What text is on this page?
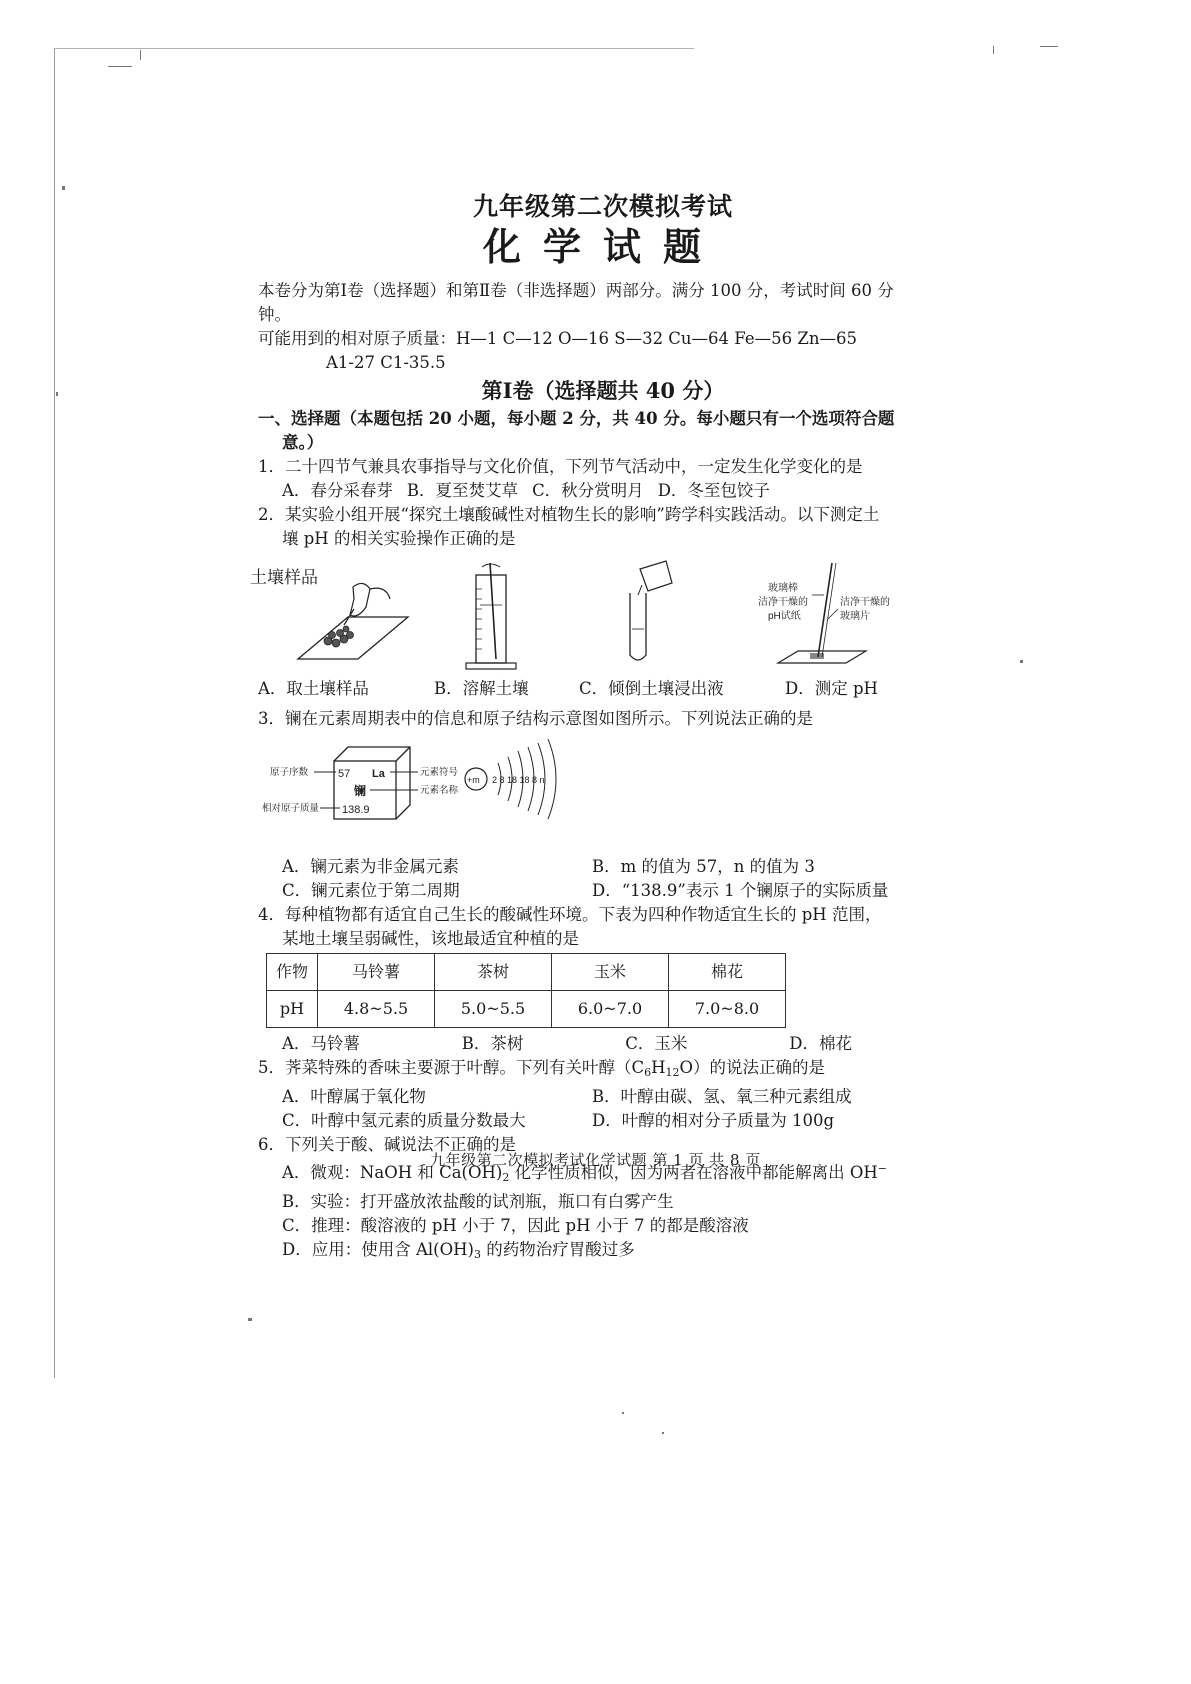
九年级第二次模拟考试
化学试题

本卷分为第Ⅰ卷（选择题）和第Ⅱ卷（非选择题）两部分。满分 100 分，考试时间 60 分

钟。

可能用到的相对原子质量：H—1 C—12 O—16 S—32 Cu—64 Fe—56 Zn—65

A1-27 C1-35.5

第Ⅰ卷（选择题共 40 分）

一、选择题（本题包括 20 小题，每小题 2 分，共 40 分。每小题只有一个选项符合题

意。）

1．二十四节气兼具农事指导与文化价值，下列节气活动中，一定发生化学变化的是

A．春分采春芽 B．夏至焚艾草 C．秋分赏明月 D．冬至包饺子

2．某实验小组开展“探究土壤酸碱性对植物生长的影响”跨学科实践活动。以下测定土

壤 pH 的相关实验操作正确的是

土壤样品
玻璃棒
洁净干燥的
pH试纸
洁净干燥的
玻璃片
A．取土壤样品	B．溶解土壤	C．倾倒土壤浸出液	D．测定 pH

3．镧在元素周期表中的信息和原子结构示意图如图所示。下列说法正确的是

57 La
镧
138.9
原子序数	元素符号
元素名称
相对原子质量
+m 2 8 18 18 8 n
A．镧元素为非金属元素	B．m 的值为 57，n 的值为 3
C．镧元素位于第二周期	D．“138.9”表示 1 个镧原子的实际质量

4．每种植物都有适宜自己生长的酸碱性环境。下表为四种作物适宜生长的 pH 范围，

某地土壤呈弱碱性，该地最适宜种植的是

作物	马铃薯	茶树	玉米	棉花
pH	4.8~5.5	5.0~5.5	6.0~7.0	7.0~8.0
A．马铃薯	B．茶树	C．玉米	D．棉花

5．荠菜特殊的香味主要源于叶醇。下列有关叶醇$(C_6H_{12}O)$的说法正确的是

A．叶醇属于氧化物	B．叶醇由碳、氢、氧三种元素组成
C．叶醇中氢元素的质量分数最大	D．叶醇的相对分子质量为 100g

6．下列关于酸、碱说法不正确的是

A．微观：NaOH 和 $Ca(OH)_2$ 化学性质相似，因为两者在溶液中都能解离出 OH−

B．实验：打开盛放浓盐酸的试剂瓶，瓶口有白雾产生

C．推理：酸溶液的 pH 小于 7，因此 pH 小于 7 的都是酸溶液

D．应用：使用含 $Al(OH)_3$ 的药物治疗胃酸过多

九年级第二次模拟考试化学试题 第 1 页 共 8 页
